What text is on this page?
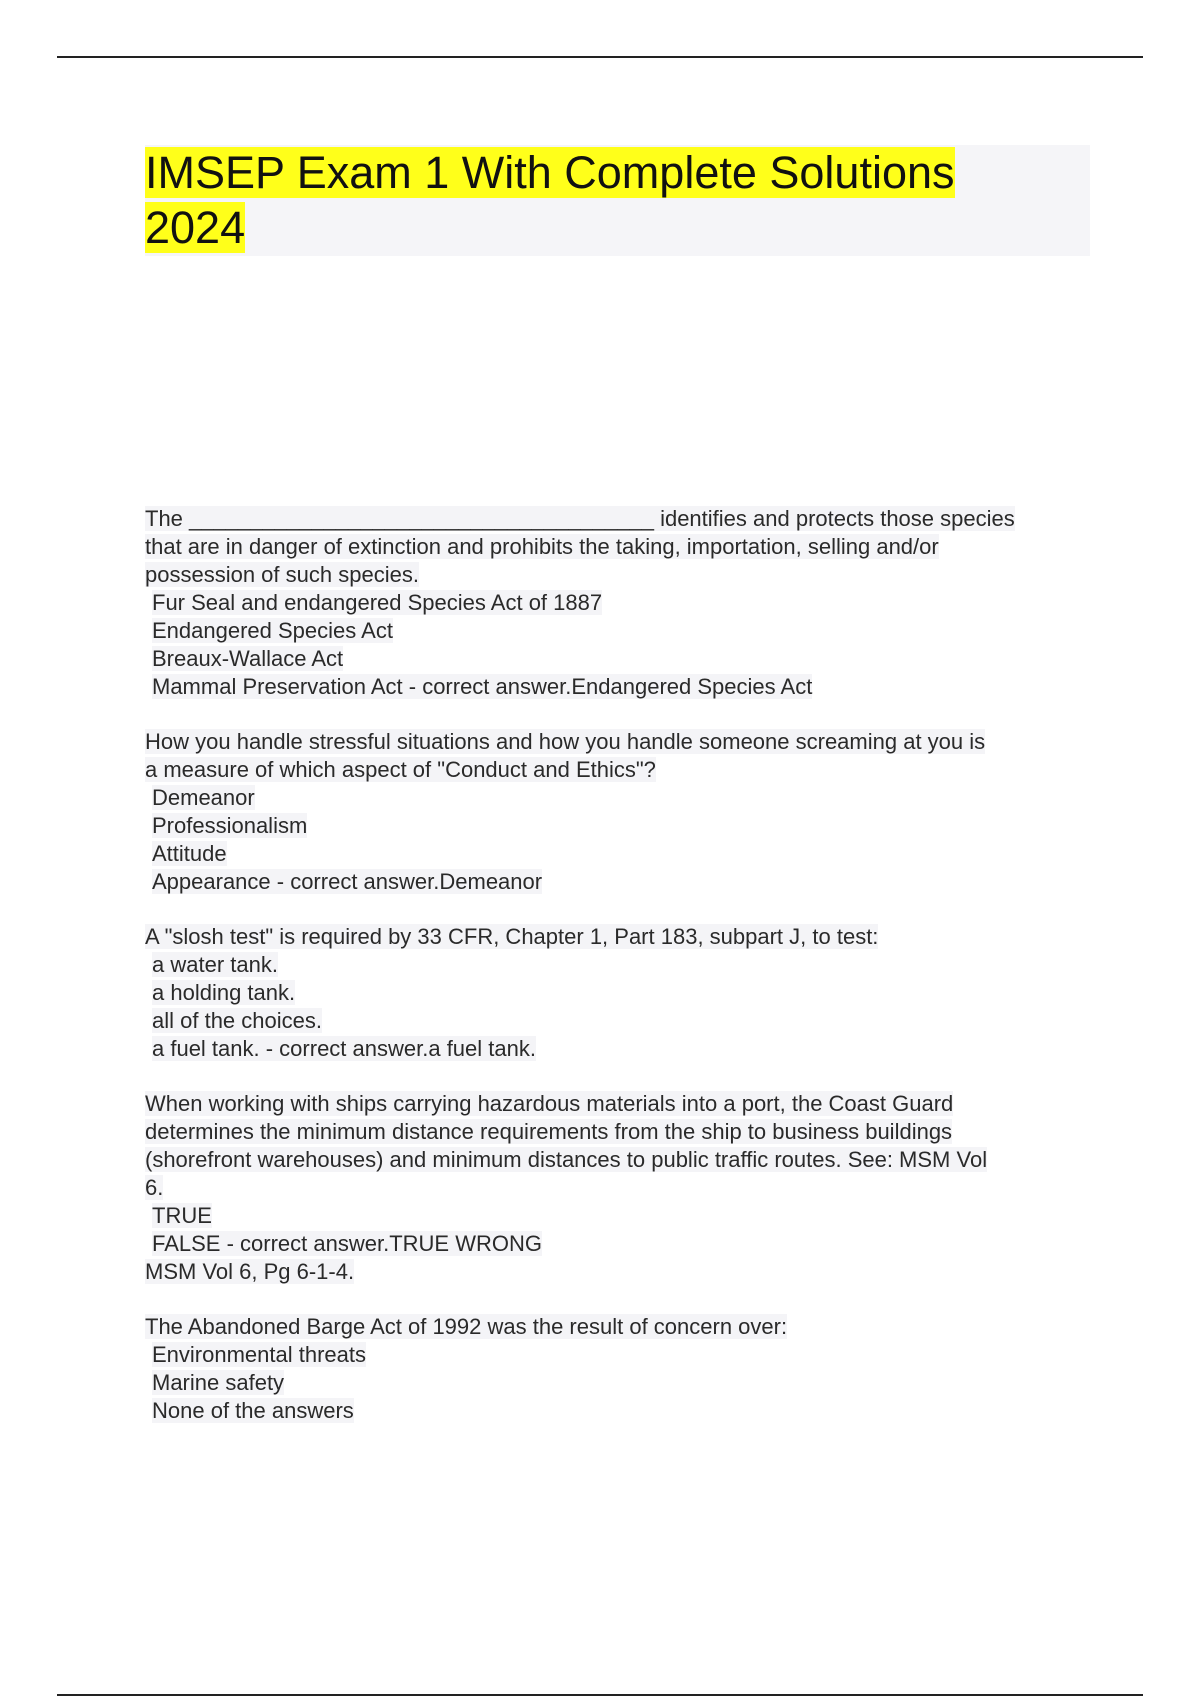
IMSEP Exam 1 With Complete Solutions
2024
The ______________________________________ identifies and protects those species
that are in danger of extinction and prohibits the taking, importation, selling and/or
possession of such species.
Fur Seal and endangered Species Act of 1887
Endangered Species Act
Breaux-Wallace Act
Mammal Preservation Act - correct answer.Endangered Species Act
How you handle stressful situations and how you handle someone screaming at you is
a measure of which aspect of "Conduct and Ethics"?
Demeanor
Professionalism
Attitude
Appearance - correct answer.Demeanor
A "slosh test" is required by 33 CFR, Chapter 1, Part 183, subpart J, to test:
a water tank.
a holding tank.
all of the choices.
a fuel tank. - correct answer.a fuel tank.
When working with ships carrying hazardous materials into a port, the Coast Guard
determines the minimum distance requirements from the ship to business buildings
(shorefront warehouses) and minimum distances to public traffic routes. See: MSM Vol
6.
TRUE
FALSE - correct answer.TRUE WRONG
MSM Vol 6, Pg 6-1-4.
The Abandoned Barge Act of 1992 was the result of concern over:
Environmental threats
Marine safety
None of the answers
